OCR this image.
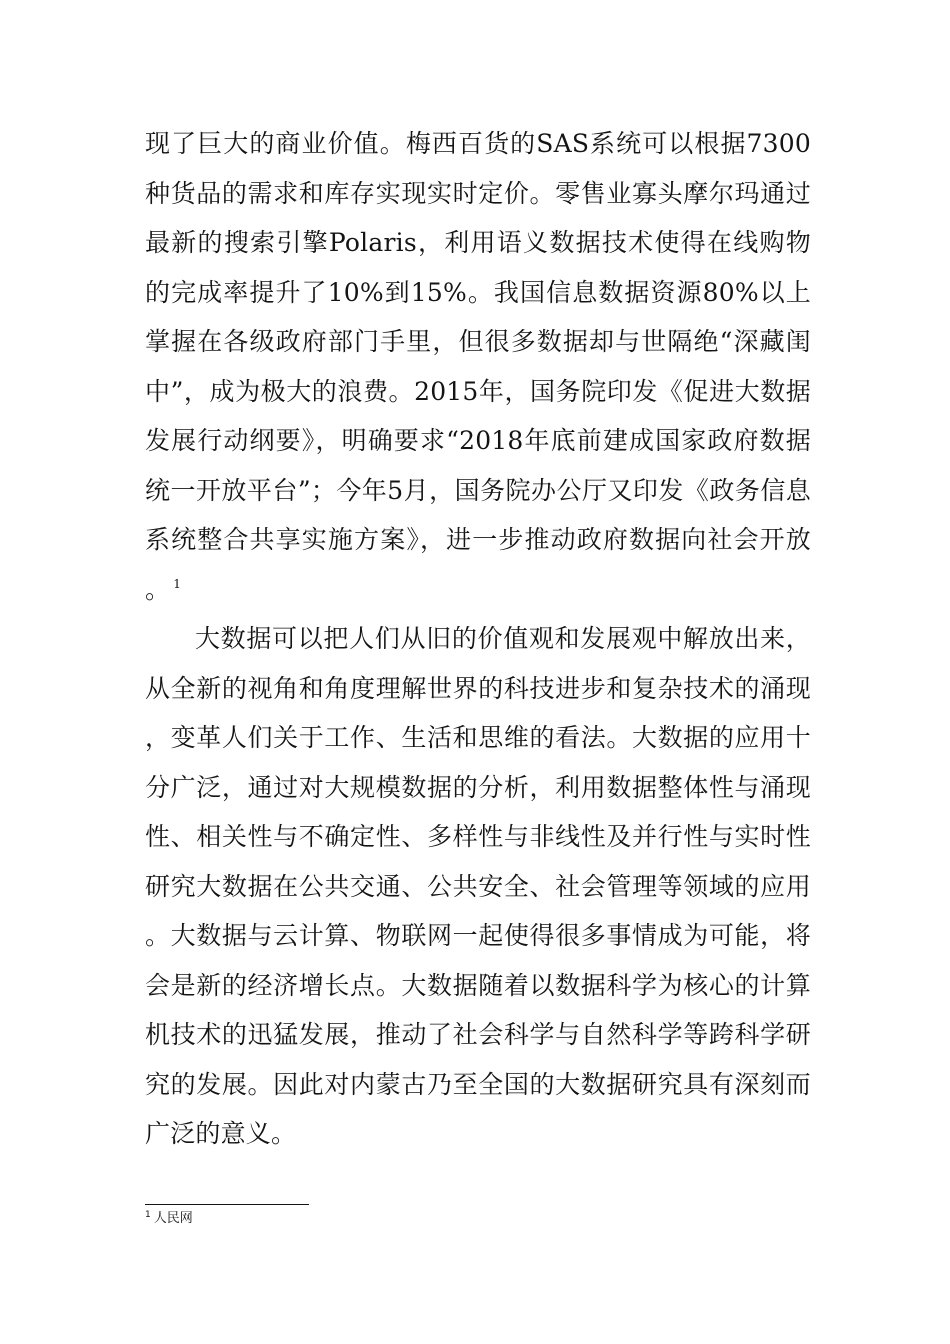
现了巨大的商业价值。梅西百货的SAS系统可以根据7300种货品的需求和库存实现实时定价。零售业寡头摩尔玛通过最新的搜索引擎Polaris，利用语义数据技术使得在线购物的完成率提升了10%到15%。我国信息数据资源80%以上掌握在各级政府部门手里，但很多数据却与世隔绝“深藏闺中”，成为极大的浪费。2015年，国务院印发《促进大数据发展行动纲要》，明确要求“2018年底前建成国家政府数据统一开放平台”；今年5月，国务院办公厅又印发《政务信息系统整合共享实施方案》，进一步推动政府数据向社会开放。 $^1$

大数据可以把人们从旧的价值观和发展观中解放出来，从全新的视角和角度理解世界的科技进步和复杂技术的涌现，变革人们关于工作、生活和思维的看法。大数据的应用十分广泛，通过对大规模数据的分析，利用数据整体性与涌现性、相关性与不确定性、多样性与非线性及并行性与实时性研究大数据在公共交通、公共安全、社会管理等领域的应用。大数据与云计算、物联网一起使得很多事情成为可能，将会是新的经济增长点。大数据随着以数据科学为核心的计算机技术的迅猛发展，推动了社会科学与自然科学等跨科学研究的发展。因此对内蒙古乃至全国的大数据研究具有深刻而广泛的意义。

$^1$ 人民网
